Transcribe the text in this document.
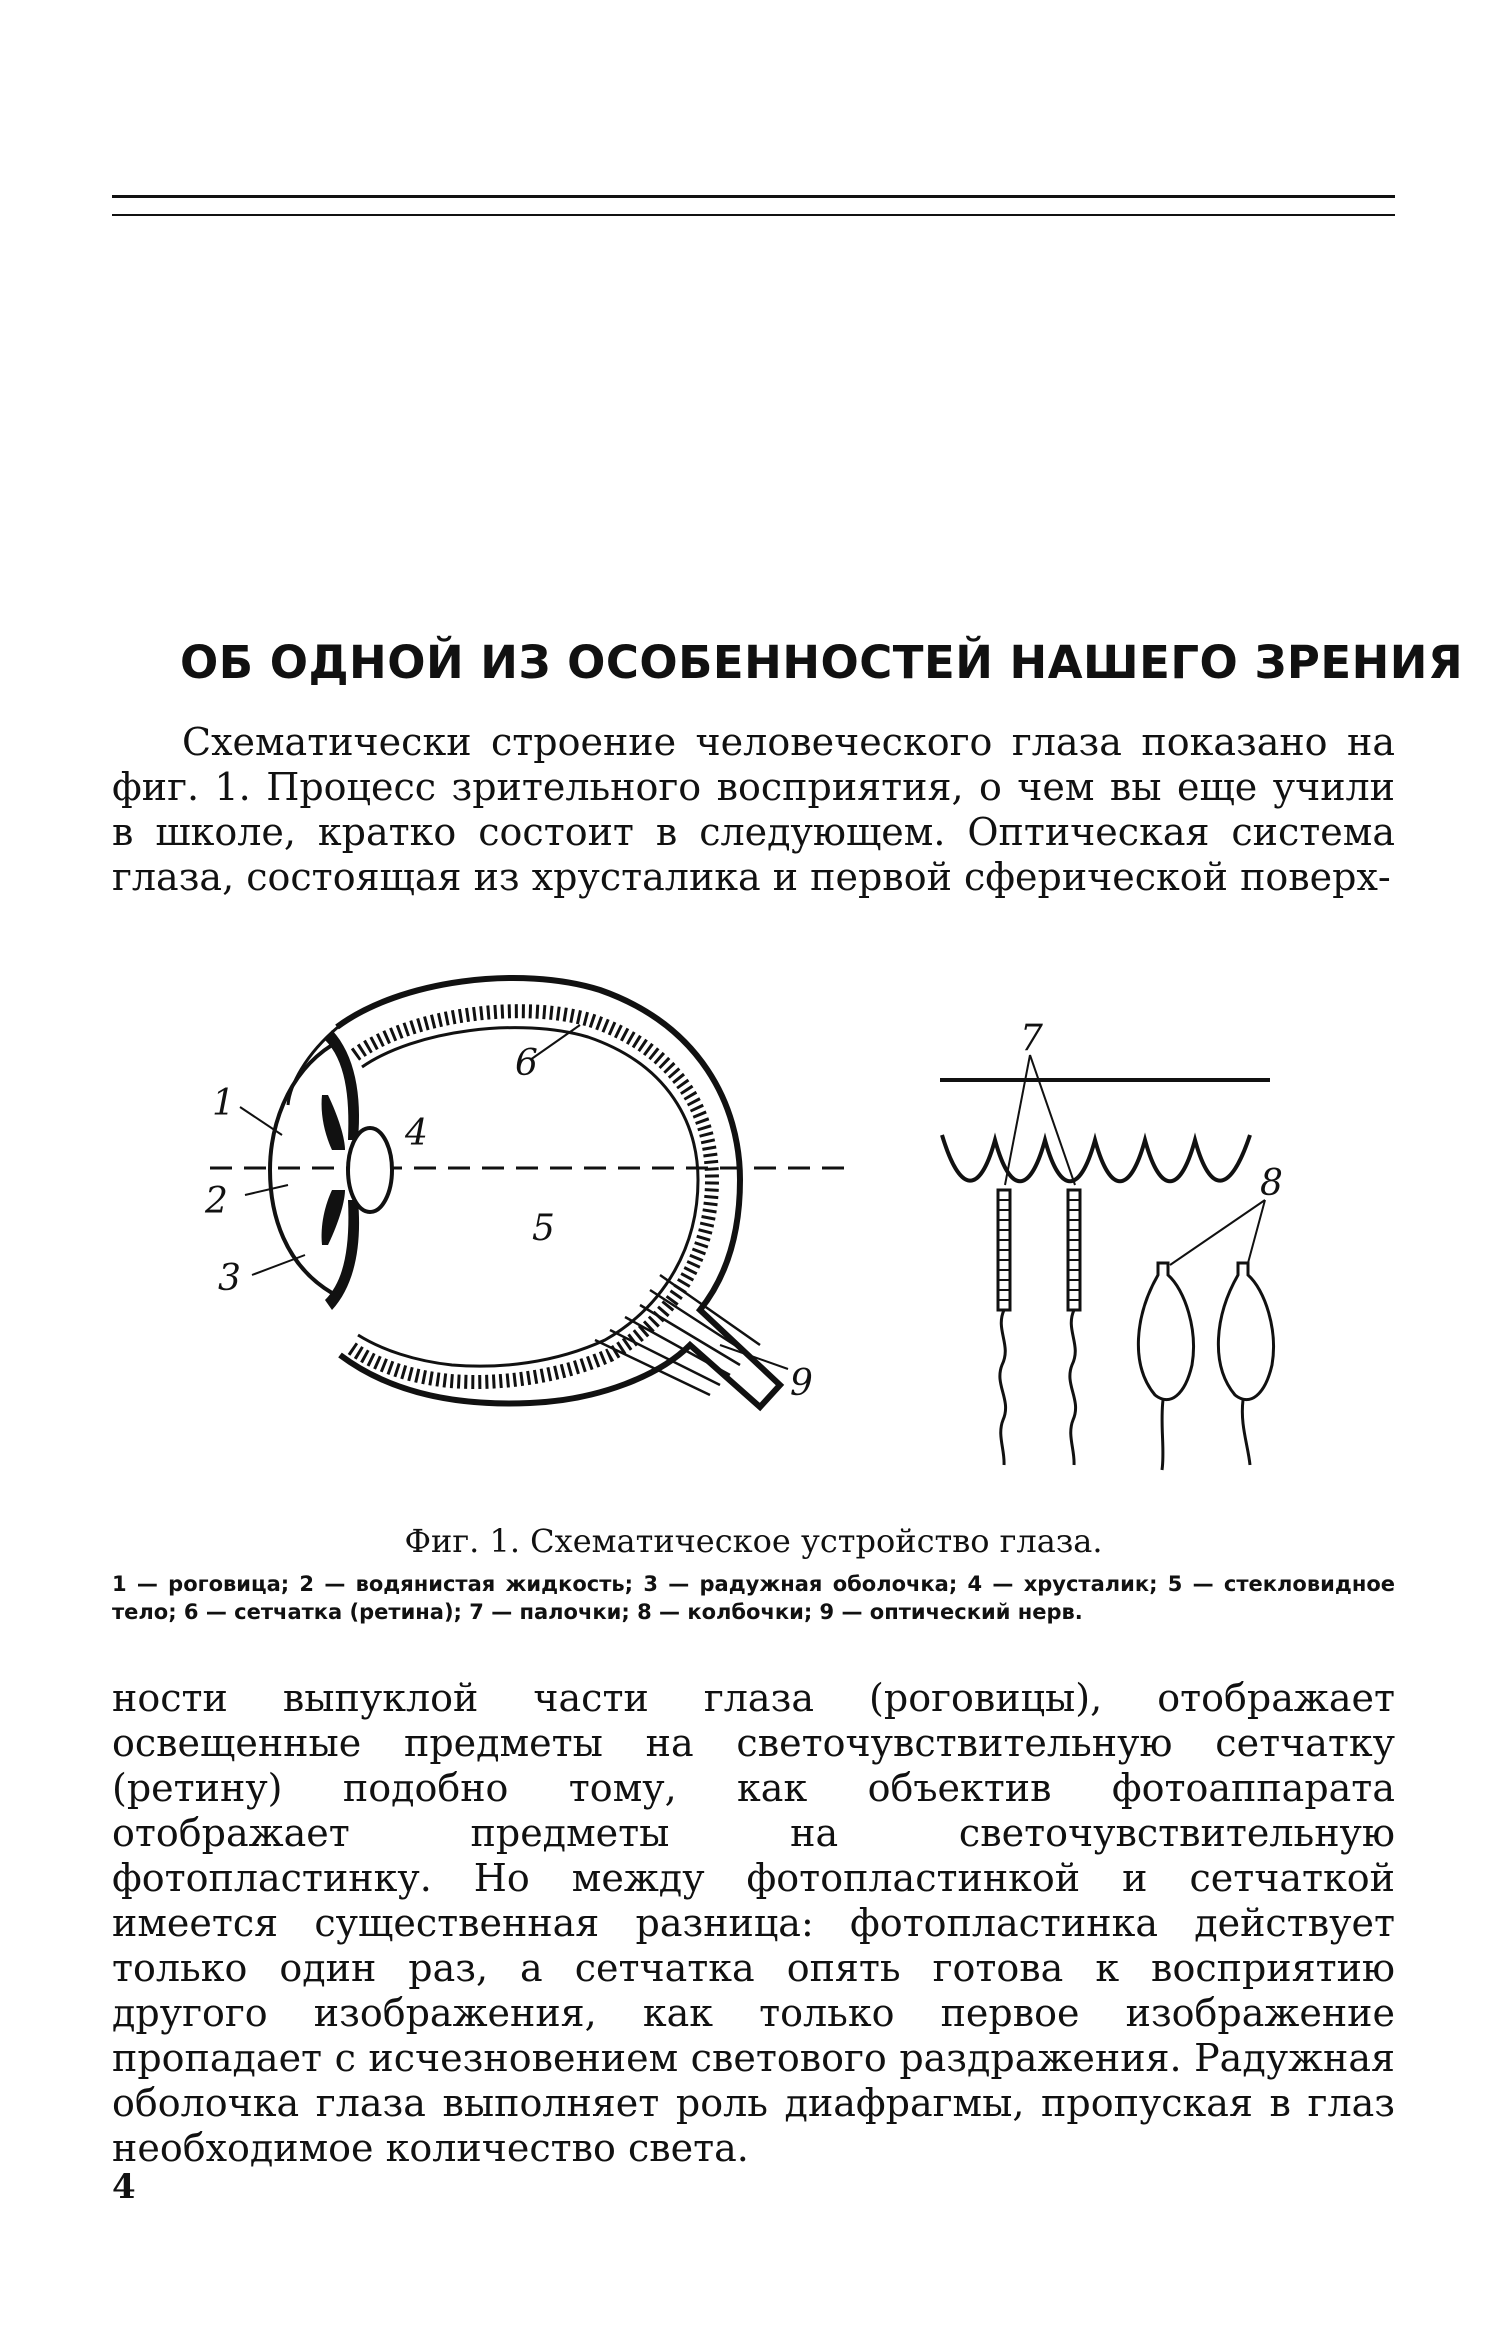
ОБ ОДНОЙ ИЗ ОСОБЕННОСТЕЙ НАШЕГО ЗРЕНИЯ

Схематически строение человеческого глаза показано на фиг. 1. Процесс зрительного восприятия, о чем вы еще учили в школе, кратко состоит в следующем. Оптическая система глаза, состоящая из хрусталика и первой сферической поверх-

1
2
3
4
5
6
9
7
8
Фиг. 1. Схематическое устройство глаза.

1 — роговица; 2 — водянистая жидкость; 3 — радужная оболочка; 4 — хрусталик; 5 — стекловидное тело; 6 — сетчатка (ретина); 7 — палочки; 8 — колбочки; 9 — оптический нерв.

ности выпуклой части глаза (роговицы), отображает освещенные предметы на светочувствительную сетчатку (ретину) подобно тому, как объектив фотоаппарата отображает предметы на светочувствительную фотопластинку. Но между фотопластинкой и сетчаткой имеется существенная разница: фотопластинка действует только один раз, а сетчатка опять готова к восприятию другого изображения, как только первое изображение пропадает с исчезновением светового раздражения. Радужная оболочка глаза выполняет роль диафрагмы, пропуская в глаз необходимое количество света.

4
